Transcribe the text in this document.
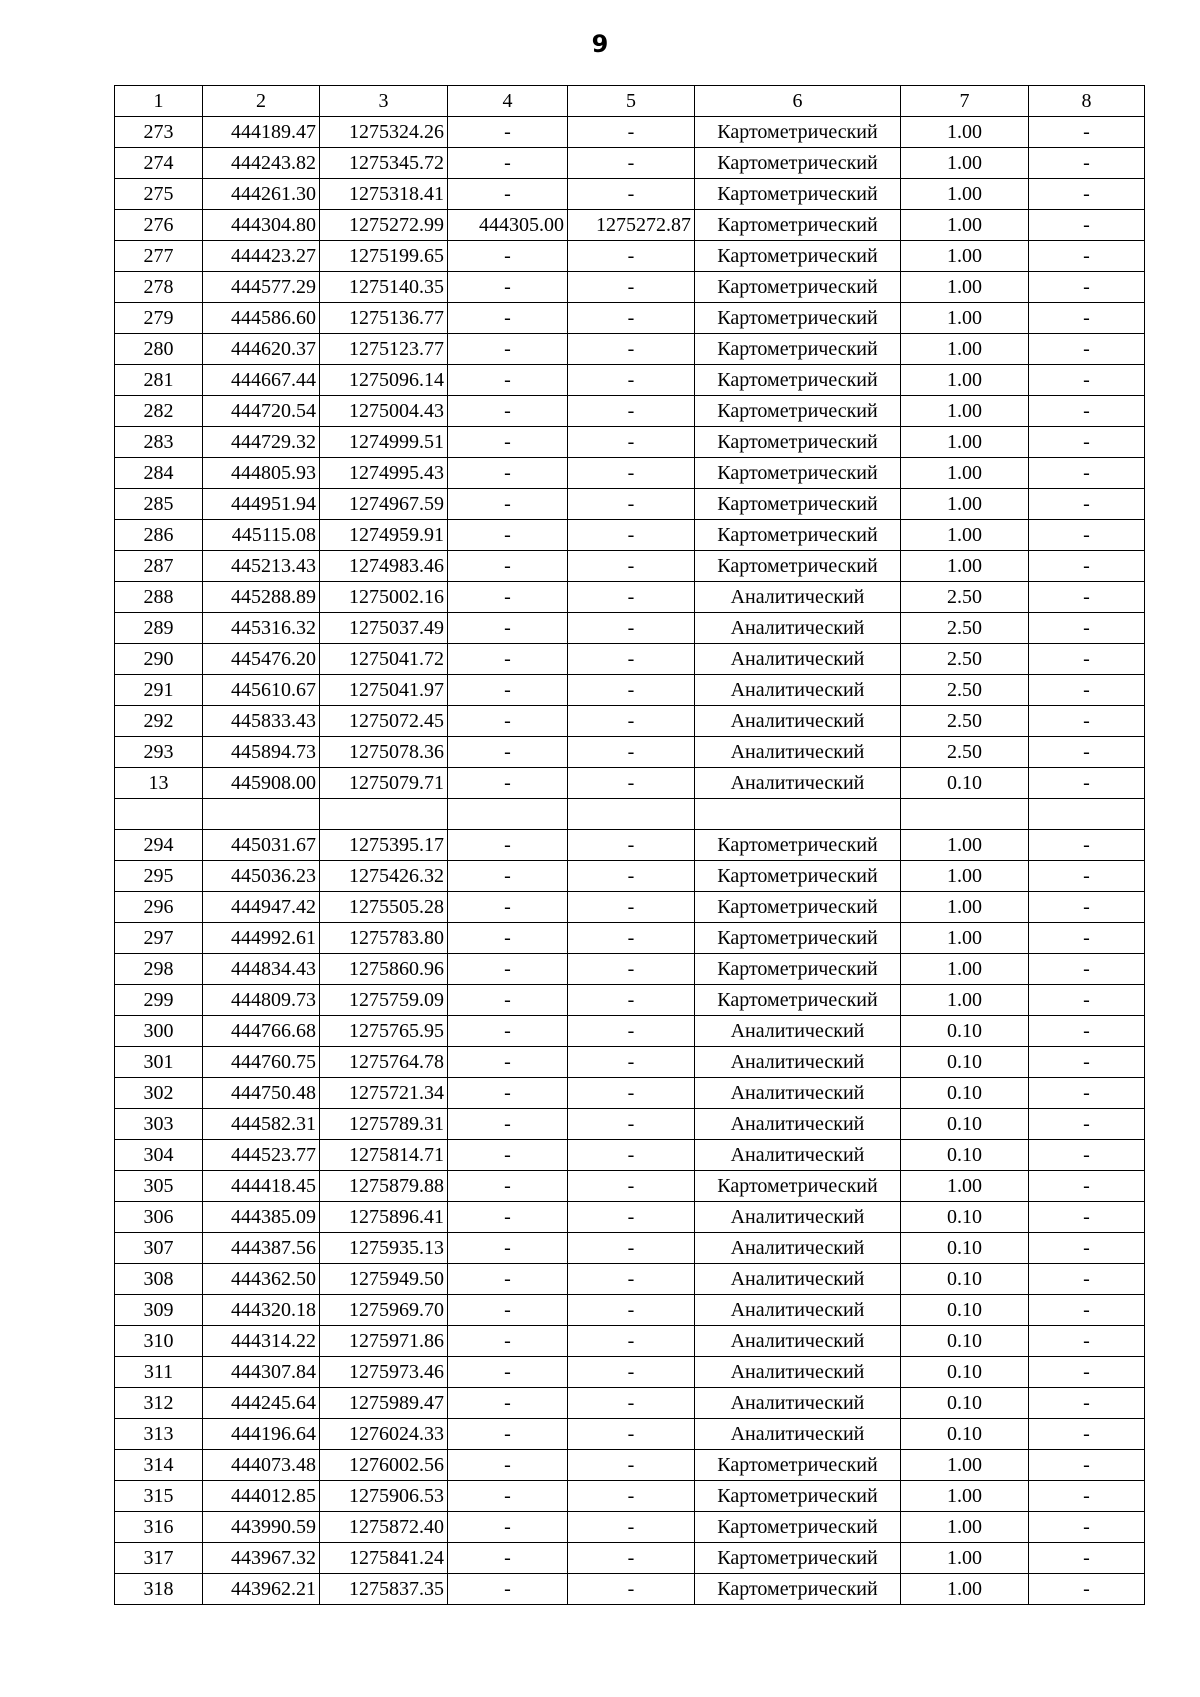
9
1	2	3	4	5	6	7	8
273	444189.47	1275324.26	-	-	Картометрический	1.00	-
274	444243.82	1275345.72	-	-	Картометрический	1.00	-
275	444261.30	1275318.41	-	-	Картометрический	1.00	-
276	444304.80	1275272.99	444305.00	1275272.87	Картометрический	1.00	-
277	444423.27	1275199.65	-	-	Картометрический	1.00	-
278	444577.29	1275140.35	-	-	Картометрический	1.00	-
279	444586.60	1275136.77	-	-	Картометрический	1.00	-
280	444620.37	1275123.77	-	-	Картометрический	1.00	-
281	444667.44	1275096.14	-	-	Картометрический	1.00	-
282	444720.54	1275004.43	-	-	Картометрический	1.00	-
283	444729.32	1274999.51	-	-	Картометрический	1.00	-
284	444805.93	1274995.43	-	-	Картометрический	1.00	-
285	444951.94	1274967.59	-	-	Картометрический	1.00	-
286	445115.08	1274959.91	-	-	Картометрический	1.00	-
287	445213.43	1274983.46	-	-	Картометрический	1.00	-
288	445288.89	1275002.16	-	-	Аналитический	2.50	-
289	445316.32	1275037.49	-	-	Аналитический	2.50	-
290	445476.20	1275041.72	-	-	Аналитический	2.50	-
291	445610.67	1275041.97	-	-	Аналитический	2.50	-
292	445833.43	1275072.45	-	-	Аналитический	2.50	-
293	445894.73	1275078.36	-	-	Аналитический	2.50	-
13	445908.00	1275079.71	-	-	Аналитический	0.10	-

294	445031.67	1275395.17	-	-	Картометрический	1.00	-
295	445036.23	1275426.32	-	-	Картометрический	1.00	-
296	444947.42	1275505.28	-	-	Картометрический	1.00	-
297	444992.61	1275783.80	-	-	Картометрический	1.00	-
298	444834.43	1275860.96	-	-	Картометрический	1.00	-
299	444809.73	1275759.09	-	-	Картометрический	1.00	-
300	444766.68	1275765.95	-	-	Аналитический	0.10	-
301	444760.75	1275764.78	-	-	Аналитический	0.10	-
302	444750.48	1275721.34	-	-	Аналитический	0.10	-
303	444582.31	1275789.31	-	-	Аналитический	0.10	-
304	444523.77	1275814.71	-	-	Аналитический	0.10	-
305	444418.45	1275879.88	-	-	Картометрический	1.00	-
306	444385.09	1275896.41	-	-	Аналитический	0.10	-
307	444387.56	1275935.13	-	-	Аналитический	0.10	-
308	444362.50	1275949.50	-	-	Аналитический	0.10	-
309	444320.18	1275969.70	-	-	Аналитический	0.10	-
310	444314.22	1275971.86	-	-	Аналитический	0.10	-
311	444307.84	1275973.46	-	-	Аналитический	0.10	-
312	444245.64	1275989.47	-	-	Аналитический	0.10	-
313	444196.64	1276024.33	-	-	Аналитический	0.10	-
314	444073.48	1276002.56	-	-	Картометрический	1.00	-
315	444012.85	1275906.53	-	-	Картометрический	1.00	-
316	443990.59	1275872.40	-	-	Картометрический	1.00	-
317	443967.32	1275841.24	-	-	Картометрический	1.00	-
318	443962.21	1275837.35	-	-	Картометрический	1.00	-
